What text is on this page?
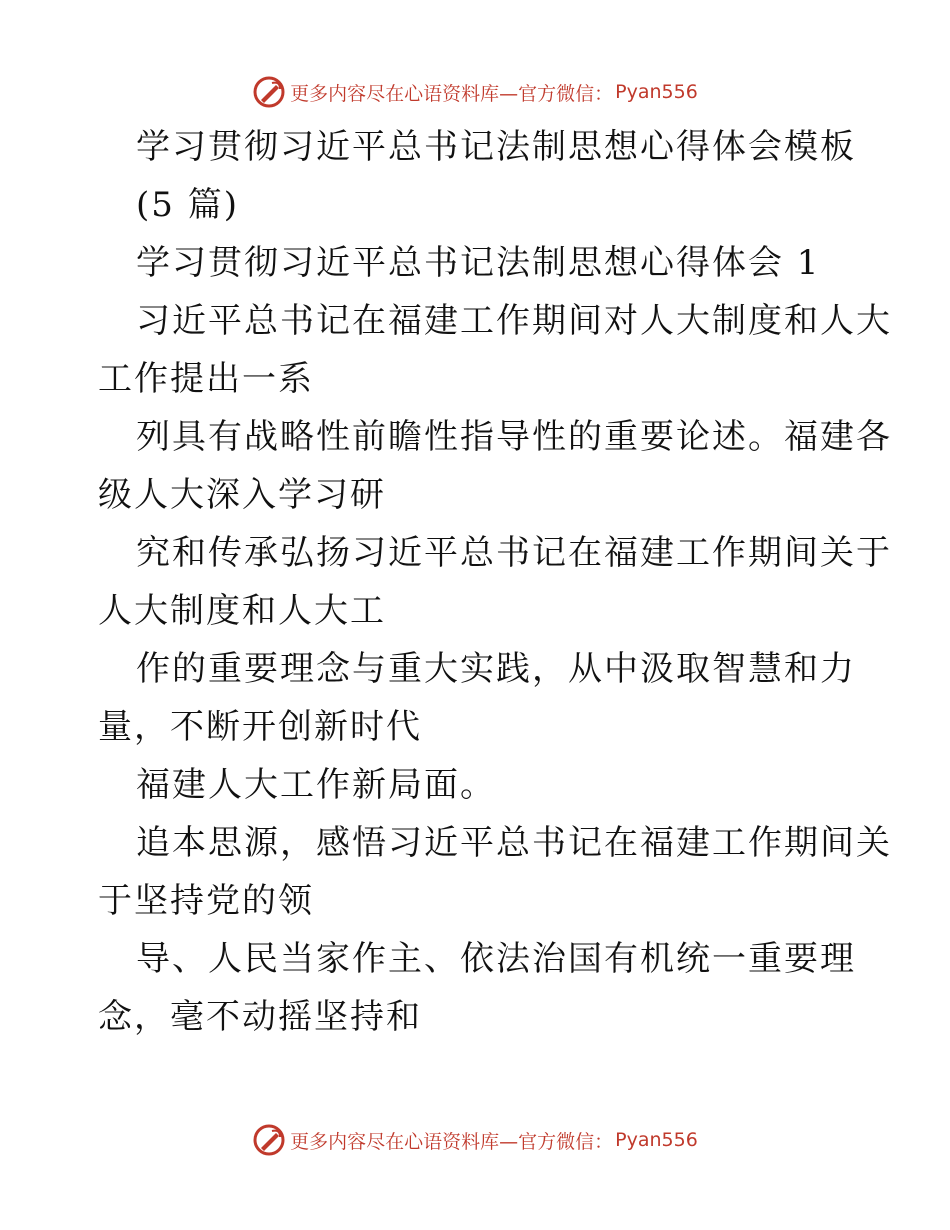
更多内容尽在心语资料库—官方微信： Pyan556
学习贯彻习近平总书记法制思想心得体会模板
(5 篇)
学习贯彻习近平总书记法制思想心得体会 1
习近平总书记在福建工作期间对人大制度和人大
工作提出一系
列具有战略性前瞻性指导性的重要论述。福建各
级人大深入学习研
究和传承弘扬习近平总书记在福建工作期间关于
人大制度和人大工
作的重要理念与重大实践，从中汲取智慧和力
量，不断开创新时代
福建人大工作新局面。
追本思源，感悟习近平总书记在福建工作期间关
于坚持党的领
导、人民当家作主、依法治国有机统一重要理
念，毫不动摇坚持和
更多内容尽在心语资料库—官方微信： Pyan556
